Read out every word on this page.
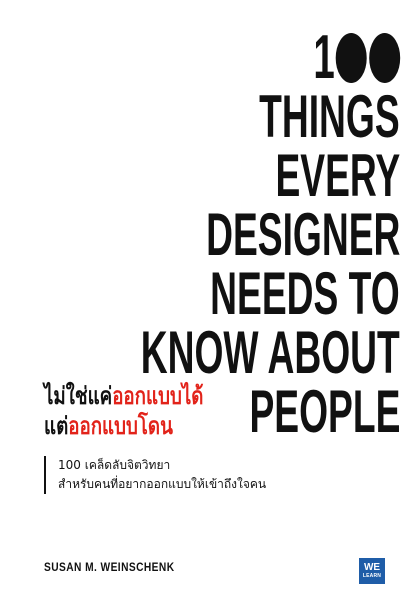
1
THINGS
EVERY
DESIGNER
NEEDS TO
KNOW ABOUT
PEOPLE
ไม่ใช่แค่ออกแบบได้
แต่ออกแบบโดน
100 เคล็ดลับจิตวิทยา
สำหรับคนที่อยากออกแบบให้เข้าถึงใจคน
SUSAN M. WEINSCHENK	WE
LEARN
